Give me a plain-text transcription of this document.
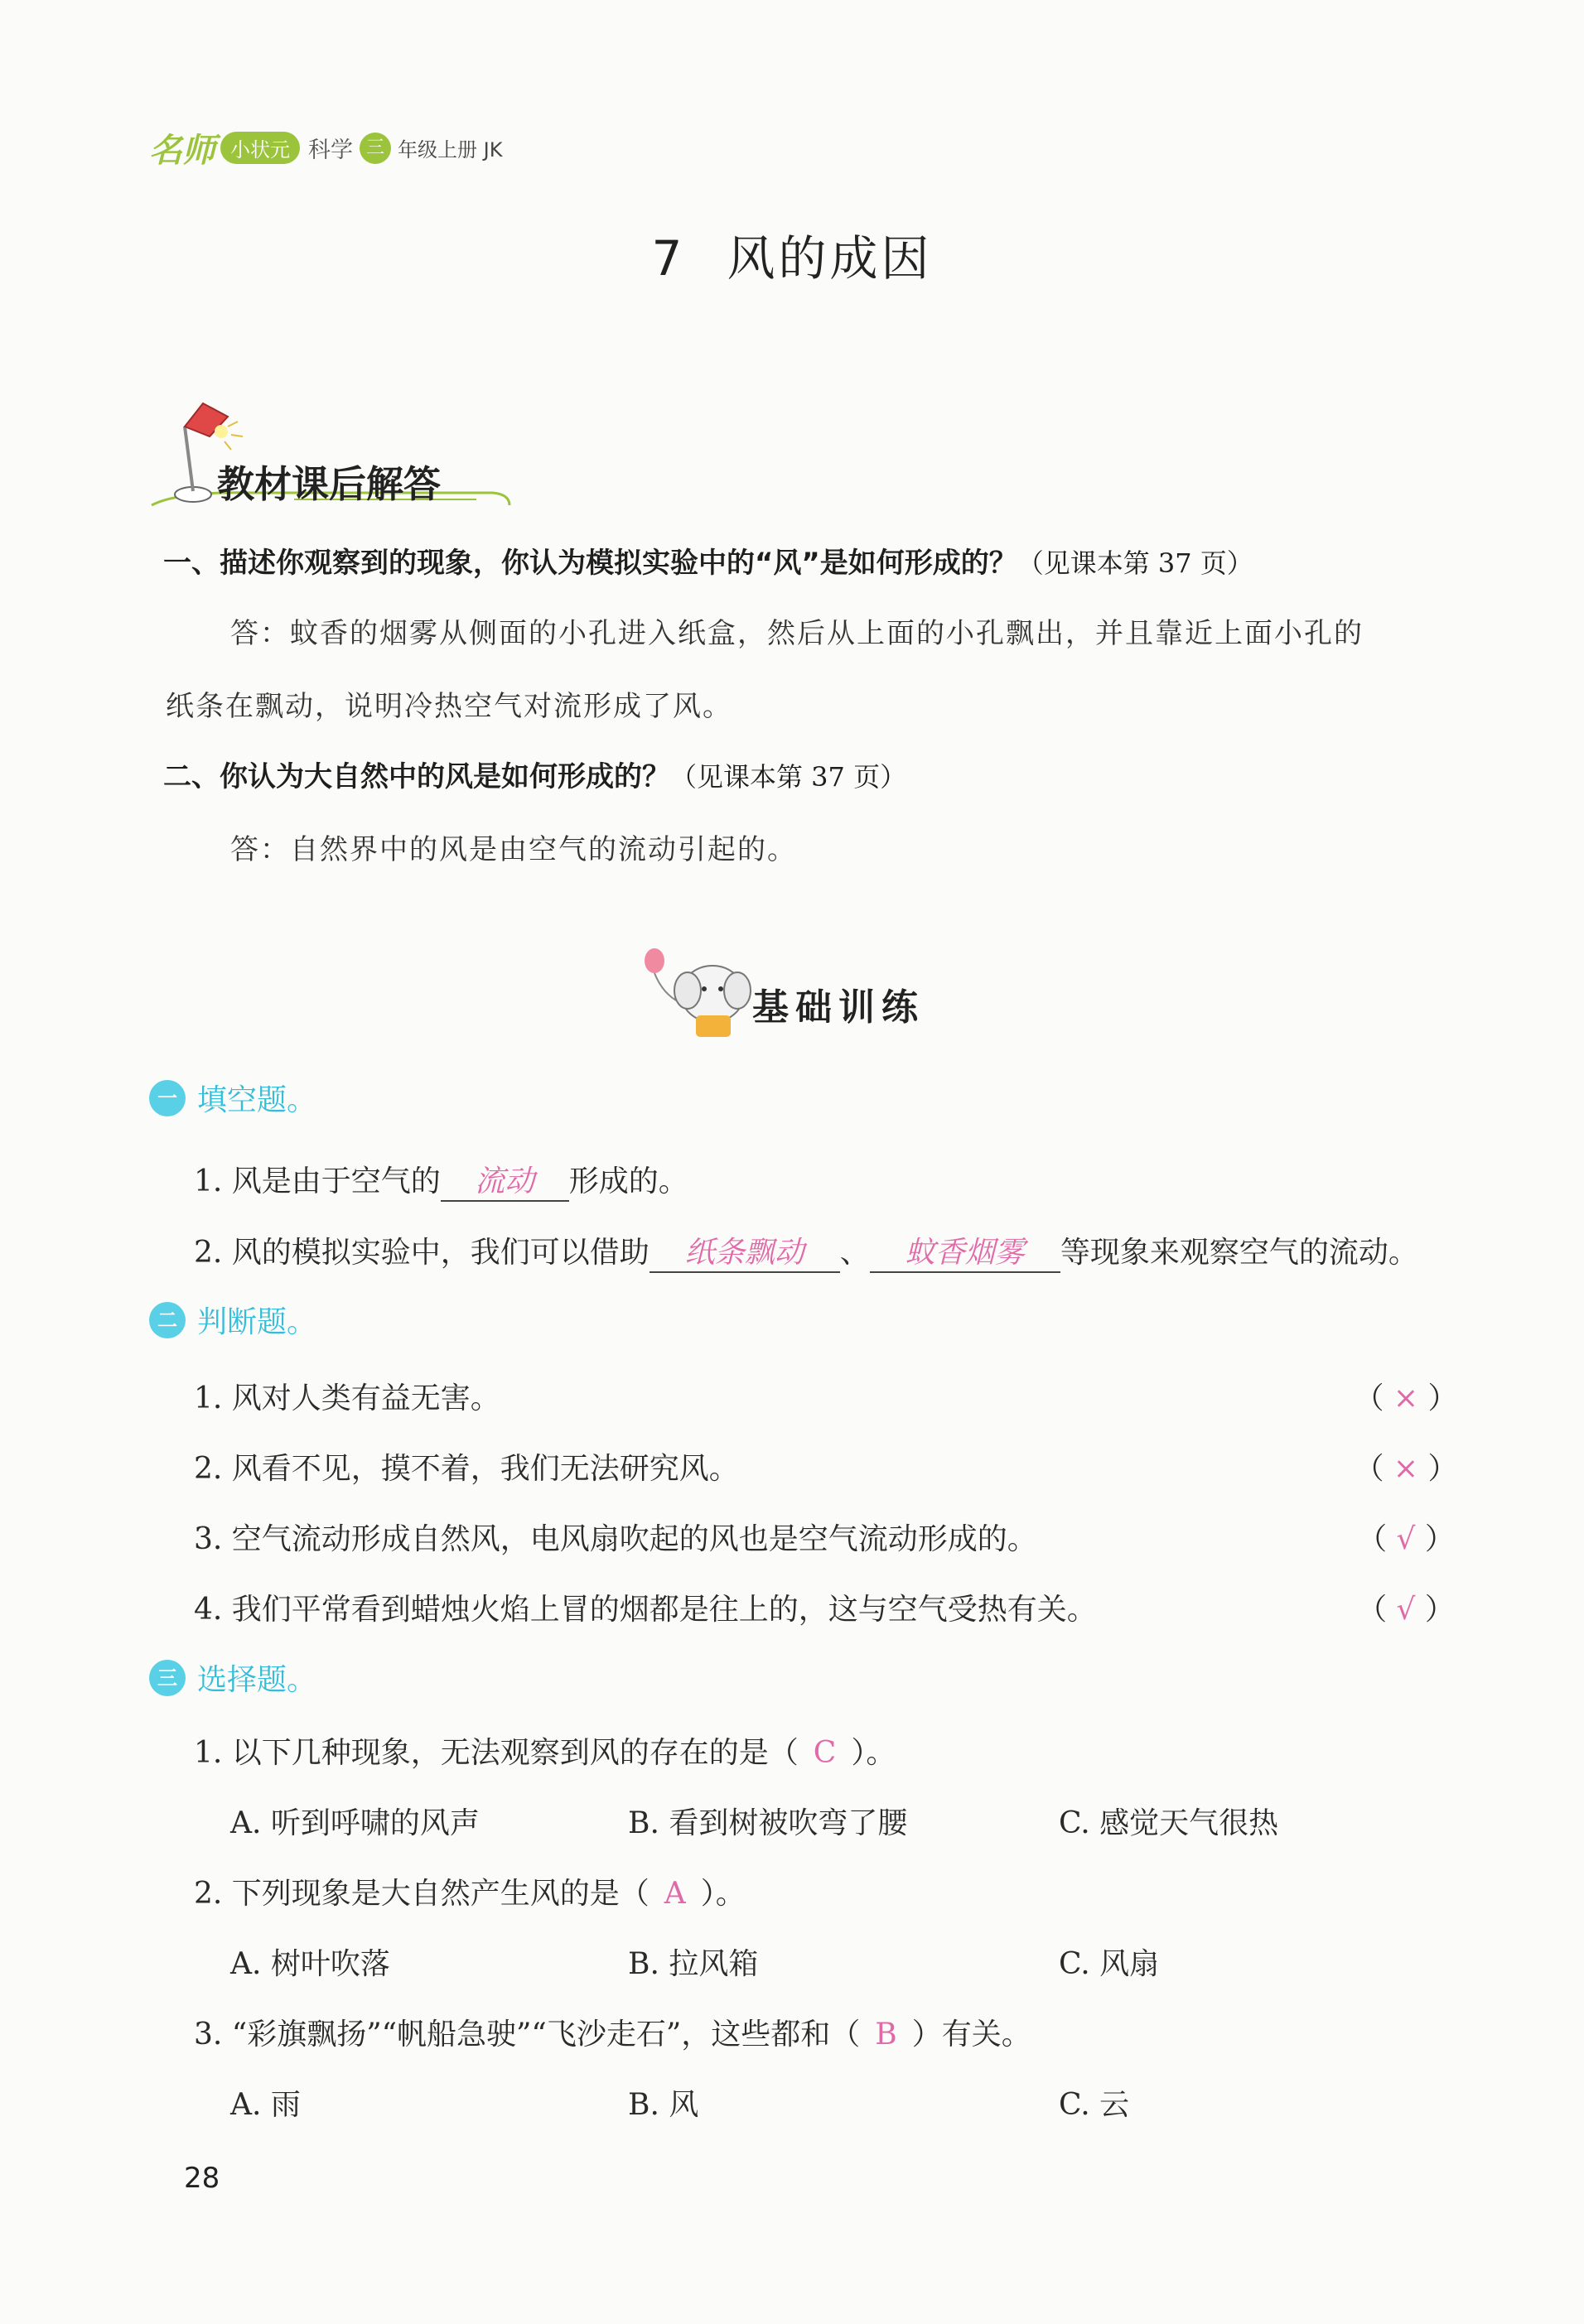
名师 小状元 科学 三 年级上册 JK
7 风的成因
教材课后解答
一、描述你观察到的现象，你认为模拟实验中的“风”是如何形成的？（见课本第 37 页）
答：蚊香的烟雾从侧面的小孔进入纸盒，然后从上面的小孔飘出，并且靠近上面小孔的
纸条在飘动，说明冷热空气对流形成了风。
二、你认为大自然中的风是如何形成的？（见课本第 37 页）
答：自然界中的风是由空气的流动引起的。
基础训练
一 填空题。
1. 风是由于空气的 流动 形成的。
2. 风的模拟实验中，我们可以借助 纸条飘动 、 蚊香烟雾 等现象来观察空气的流动。
二 判断题。
1. 风对人类有益无害。	（ × ）
2. 风看不见，摸不着，我们无法研究风。	（ × ）
3. 空气流动形成自然风，电风扇吹起的风也是空气流动形成的。	（ √ ）
4. 我们平常看到蜡烛火焰上冒的烟都是往上的，这与空气受热有关。	（ √ ）
三 选择题。
1. 以下几种现象，无法观察到风的存在的是（ C ）。
A. 听到呼啸的风声	B. 看到树被吹弯了腰	C. 感觉天气很热
2. 下列现象是大自然产生风的是（ A ）。
A. 树叶吹落	B. 拉风箱	C. 风扇
3. “彩旗飘扬”“帆船急驶”“飞沙走石”，这些都和（ B ）有关。
A. 雨	B. 风	C. 云
28
